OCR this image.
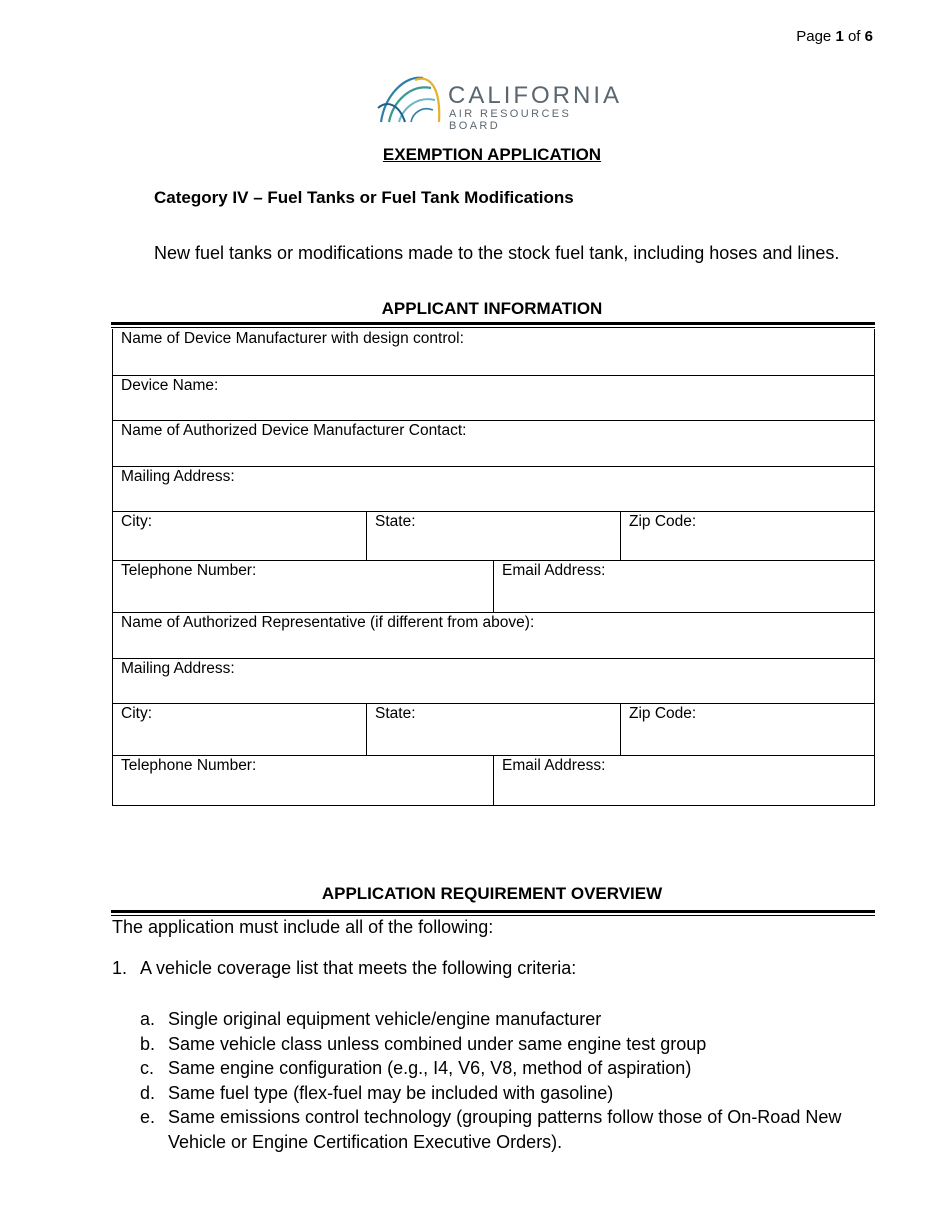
Page 1 of 6
CALIFORNIA
AIR RESOURCES BOARD
EXEMPTION APPLICATION
Category IV – Fuel Tanks or Fuel Tank Modifications
New fuel tanks or modifications made to the stock fuel tank, including hoses and lines.
APPLICANT INFORMATION
Name of Device Manufacturer with design control:
Device Name:
Name of Authorized Device Manufacturer Contact:
Mailing Address:
City:	State:	Zip Code:
Telephone Number:	Email Address:
Name of Authorized Representative (if different from above):
Mailing Address:
City:	State:	Zip Code:
Telephone Number:	Email Address:
APPLICATION REQUIREMENT OVERVIEW
The application must include all of the following:
1. A vehicle coverage list that meets the following criteria:
a. Single original equipment vehicle/engine manufacturer
b. Same vehicle class unless combined under same engine test group
c. Same engine configuration (e.g., I4, V6, V8, method of aspiration)
d. Same fuel type (flex-fuel may be included with gasoline)
e. Same emissions control technology (grouping patterns follow those of On-Road New Vehicle or Engine Certification Executive Orders).
